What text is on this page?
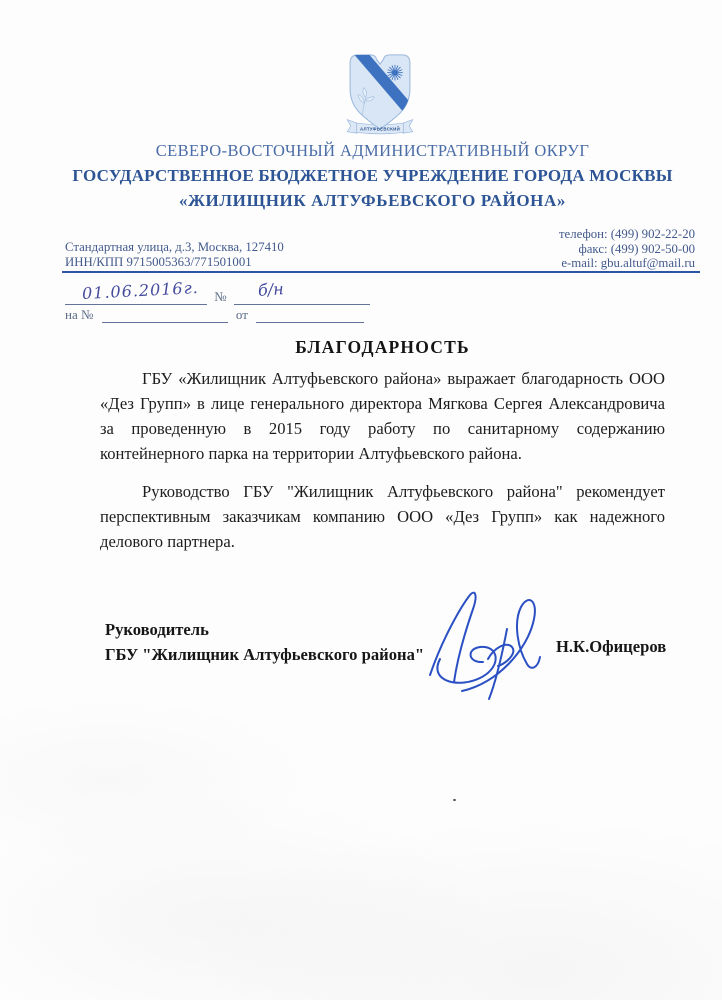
АЛТУФЬЕВСКИЙ
СЕВЕРО-ВОСТОЧНЫЙ АДМИНИСТРАТИВНЫЙ ОКРУГ
ГОСУДАРСТВЕННОЕ БЮДЖЕТНОЕ УЧРЕЖДЕНИЕ ГОРОДА МОСКВЫ
«ЖИЛИЩНИК АЛТУФЬЕВСКОГО РАЙОНА»
Стандартная улица, д.3, Москва, 127410
ИНН/КПП 9715005363/771501001
телефон: (499) 902-22-20
факс: (499) 902-50-00
e-mail: gbu.altuf@mail.ru
№
01.06.2016г.	б/н
на №	от
БЛАГОДАРНОСТЬ

ГБУ «Жилищник Алтуфьевского района» выражает благодарность ООО «Дез Групп» в лице генерального директора Мягкова Сергея Александровича за проведенную в 2015 году работу по санитарному содержанию контейнерного парка на территории Алтуфьевского района.

Руководство ГБУ "Жилищник Алтуфьевского района" рекомендует перспективным заказчикам компанию ООО «Дез Групп» как надежного делового партнера.

Руководитель
ГБУ "Жилищник Алтуфьевского района"	Н.К.Офицеров
